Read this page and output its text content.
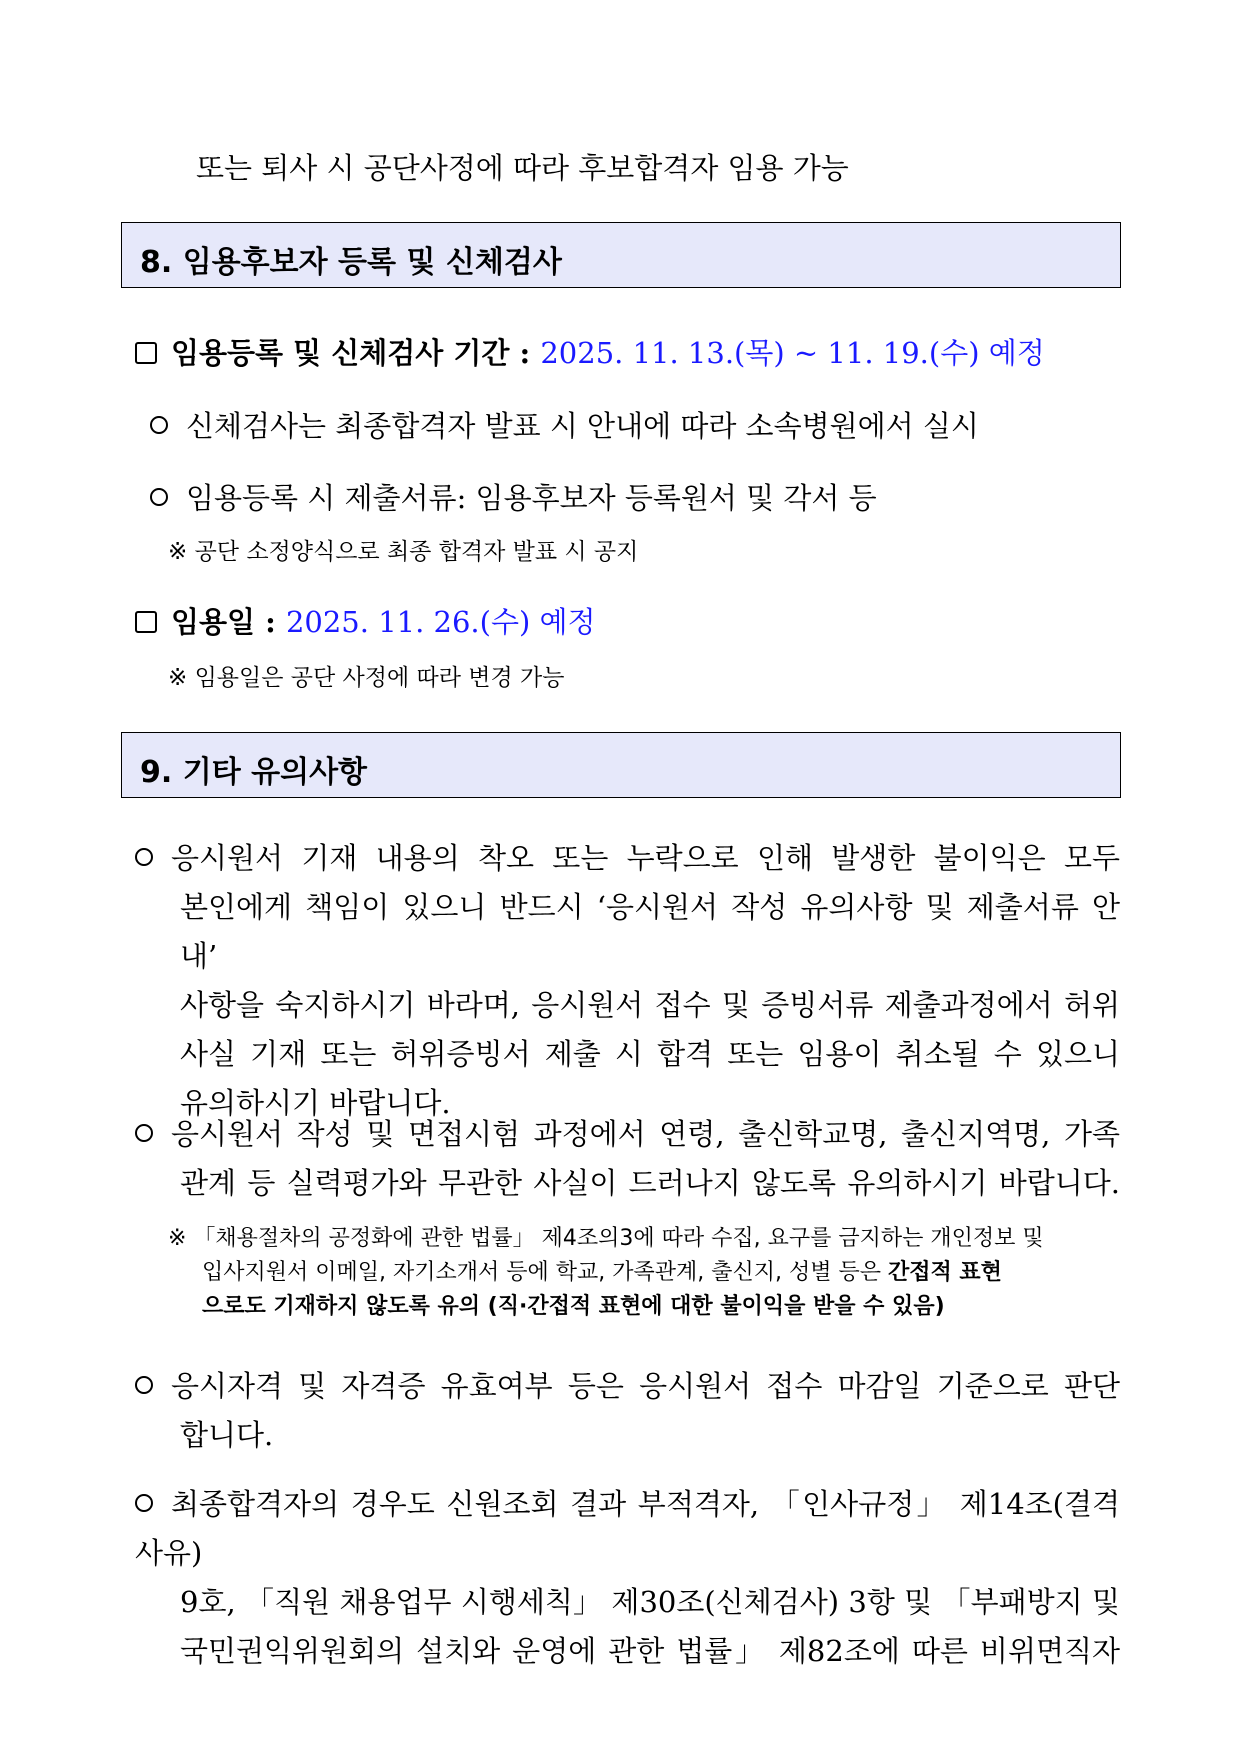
또는 퇴사 시 공단사정에 따라 후보합격자 임용 가능
8. 임용후보자 등록 및 신체검사
임용등록 및 신체검사 기간 : 2025. 11. 13.(목) ~ 11. 19.(수) 예정
신체검사는 최종합격자 발표 시 안내에 따라 소속병원에서 실시
임용등록 시 제출서류: 임용후보자 등록원서 및 각서 등
※ 공단 소정양식으로 최종 합격자 발표 시 공지
임용일 : 2025. 11. 26.(수) 예정
※ 임용일은 공단 사정에 따라 변경 가능
9. 기타 유의사항
응시원서 기재 내용의 착오 또는 누락으로 인해 발생한 불이익은 모두
본인에게 책임이 있으니 반드시 ‘응시원서 작성 유의사항 및 제출서류 안내’
사항을 숙지하시기 바라며, 응시원서 접수 및 증빙서류 제출과정에서 허위
사실 기재 또는 허위증빙서 제출 시 합격 또는 임용이 취소될 수 있으니
유의하시기 바랍니다.
응시원서 작성 및 면접시험 과정에서 연령, 출신학교명, 출신지역명, 가족
관계 등 실력평가와 무관한 사실이 드러나지 않도록 유의하시기 바랍니다.
※ 「채용절차의 공정화에 관한 법률」 제4조의3에 따라 수집, 요구를 금지하는 개인정보 및
입사지원서 이메일, 자기소개서 등에 학교, 가족관계, 출신지, 성별 등은 간접적 표현
으로도 기재하지 않도록 유의 (직·간접적 표현에 대한 불이익을 받을 수 있음)
응시자격 및 자격증 유효여부 등은 응시원서 접수 마감일 기준으로 판단
합니다.
최종합격자의 경우도 신원조회 결과 부적격자, 「인사규정」 제14조(결격사유)
9호, 「직원 채용업무 시행세칙」 제30조(신체검사) 3항 및 「부패방지 및
국민권익위원회의 설치와 운영에 관한 법률」 제82조에 따른 비위면직자
